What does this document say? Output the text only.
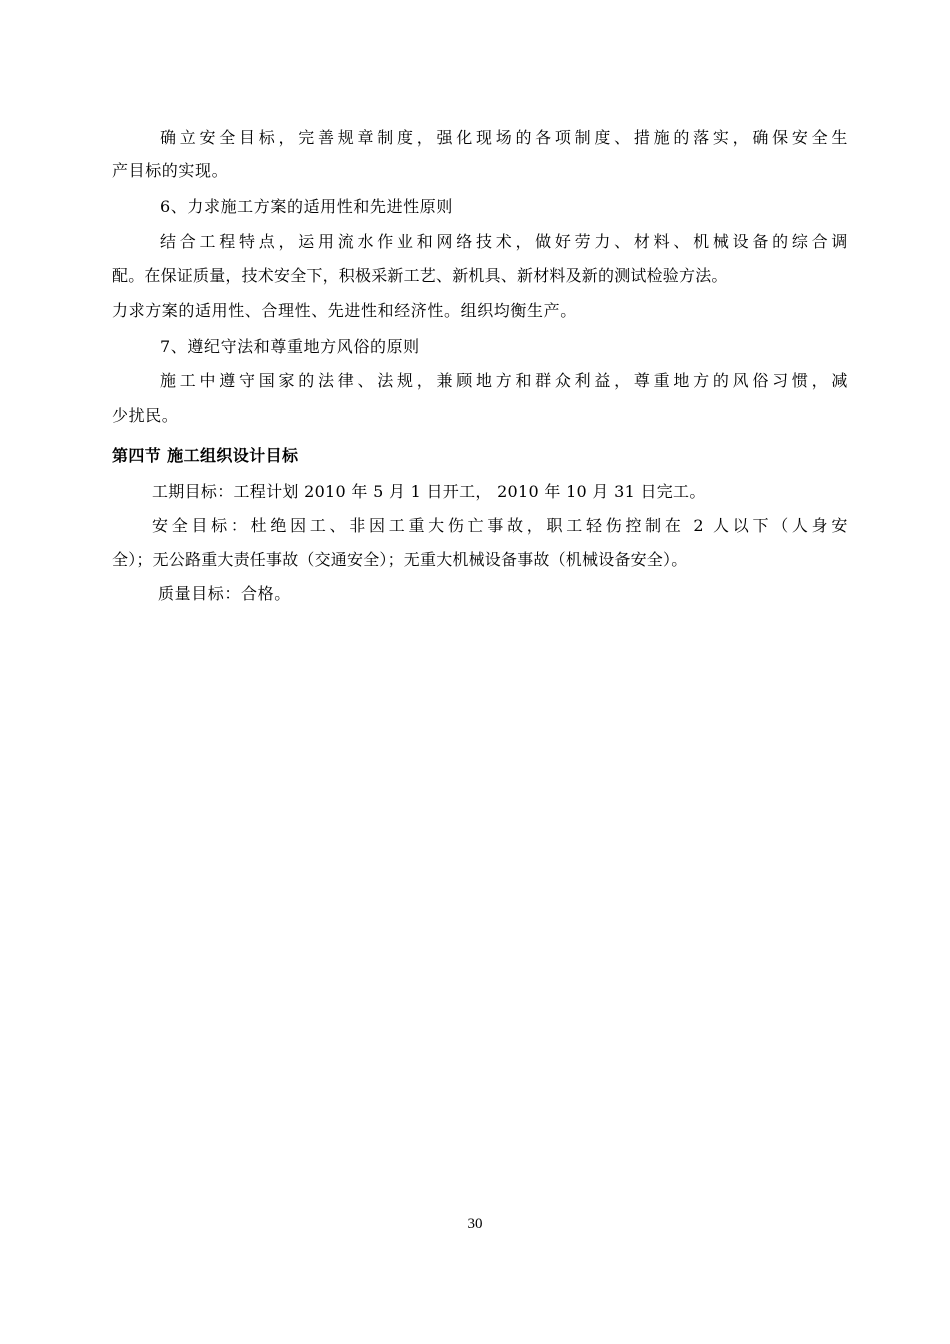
确立安全目标，完善规章制度，强化现场的各项制度、措施的落实，确保安全生
产目标的实现。
6、力求施工方案的适用性和先进性原则
结合工程特点，运用流水作业和网络技术，做好劳力、材料、机械设备的综合调
配。在保证质量，技术安全下，积极采新工艺、新机具、新材料及新的测试检验方法。
力求方案的适用性、合理性、先进性和经济性。组织均衡生产。
7、遵纪守法和尊重地方风俗的原则
施工中遵守国家的法律、法规，兼顾地方和群众利益，尊重地方的风俗习惯，减
少扰民。
第四节 施工组织设计目标
工期目标：工程计划 2010 年 5 月 1 日开工， 2010 年 10 月 31 日完工。
安全目标：杜绝因工、非因工重大伤亡事故，职工轻伤控制在 2 人以下（人身安
全）；无公路重大责任事故（交通安全）；无重大机械设备事故（机械设备安全）。
质量目标：合格。
30
